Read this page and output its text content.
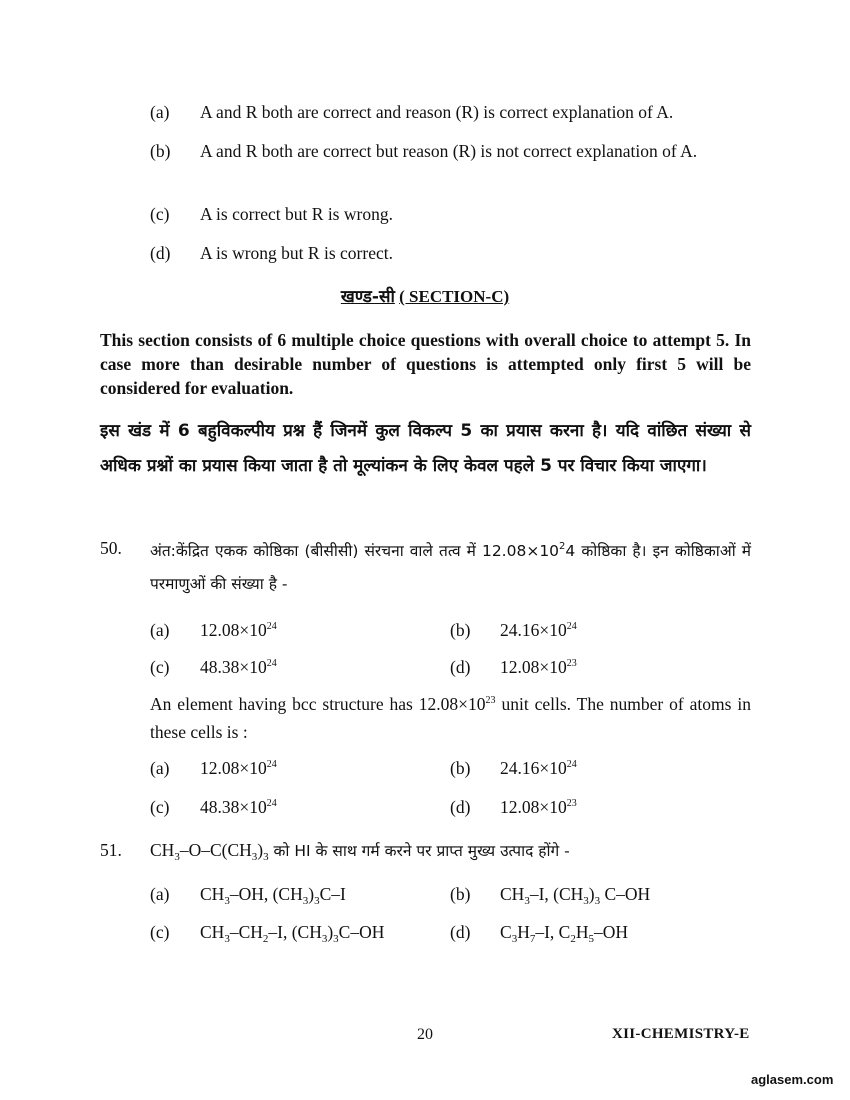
(a)	A and R both are correct and reason (R) is correct explanation of A.
(b)	A and R both are correct but reason (R) is not correct explanation of A.
(c)	A is correct but R is wrong.
(d)	A is wrong but R is correct.
खण्ड-सी ( SECTION-C)
This section consists of 6 multiple choice questions with overall choice to attempt 5. In case more than desirable number of questions is attempted only first 5 will be considered for evaluation.
इस खंड में 6 बहुविकल्पीय प्रश्न हैं जिनमें कुल विकल्प 5 का प्रयास करना है। यदि वांछित संख्या से अधिक प्रश्नों का प्रयास किया जाता है तो मूल्यांकन के लिए केवल पहले 5 पर विचार किया जाएगा।
50. अंत:केंद्रित एकक कोष्ठिका (बीसीसी) संरचना वाले तत्व में $12.08\times 10^24$ कोष्ठिका है। इन कोष्ठिकाओं में परमाणुओं की संख्या है -
(a)	$12.08\times 10^{24}$	(b)	$24.16\times 10^{24}$
(c)	$48.38\times 10^{24}$	(d)	$12.08\times 10^{23}$
An element having bcc structure has $12.08\times 10^{23}$ unit cells. The number of atoms in these cells is :
(a)	$12.08\times 10^{24}$	(b)	$24.16\times 10^{24}$
(c)	$48.38\times 10^{24}$	(d)	$12.08\times 10^{23}$
51. $CH_3-O-C(CH_3)_3$ को HI के साथ गर्म करने पर प्राप्त मुख्य उत्पाद होंगे -
(a)	$CH_3-OH$, $(CH_3)_3C-I$	(b)	$CH_3-I$, $(CH_3)_3$ C–OH
(c)	$CH_3-CH_2-I$, $(CH_3)_3C-OH$	(d)	$C_3H_7-I$, $C_2H_5-OH$
20	XII-CHEMISTRY-E
aglasem.com
